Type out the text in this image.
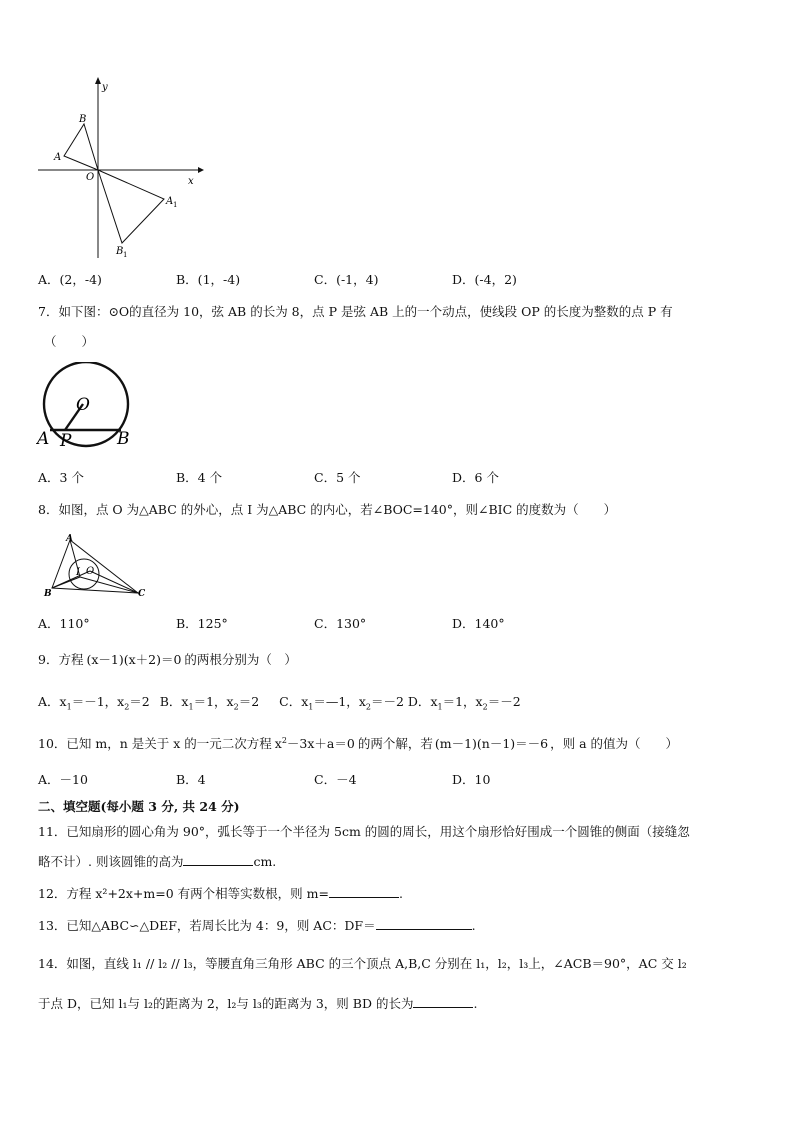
y
x
O
A
B
A 1
B 1
A．(2，-4)	B．(1，-4)	C．(-1，4)	D．(-4，2)
7．如下图：⊙O的直径为 10，弦 AB 的长为 8，点 P 是弦 AB 上的一个动点，使线段 OP 的长度为整数的点 P 有
（　　）
O
A P	B
A．3 个	B．4 个	C．5 个	D．6 个
8．如图，点 O 为△ABC 的外心，点 I 为△ABC 的内心，若∠BOC=140°，则∠BIC 的度数为（　　）
A
B	C
I O
A．110°	B．125°	C．130°	D．140°
9．方程 (x－1)(x＋2)＝0 的两根分别为（　）
A．$x_1=-1$，$x_2=2$ B．$x_1=1$，$x_2=2$ C．$x_1=—1$，$x_2=-2$ D．$x_1=1$，$x_2=-2$
10．已知 m，n 是关于 x 的一元二次方程 $x^2-3x+a=0$ 的两个解，若 (m－1)(n－1)＝－6 ，则 a 的值为（　　）
A．－10	B．4	C．－4	D．10
二、填空题(每小题 3 分, 共 24 分)
11．已知扇形的圆心角为 90°，弧长等于一个半径为 5cm 的圆的周长，用这个扇形恰好围成一个圆锥的侧面（接缝忽
略不计）. 则该圆锥的高为	cm.
12．方程 x²+2x+m=0 有两个相等实数根，则 m=	.
13．已知△ABC∽△DEF，若周长比为 4：9，则 AC：DF＝	.
14．如图，直线 l₁ // l₂ // l₃，等腰直角三角形 ABC 的三个顶点 A,B,C 分别在 l₁，l₂，l₃上，∠ACB＝90°，AC 交 l₂
于点 D，已知 l₁与 l₂的距离为 2，l₂与 l₃的距离为 3，则 BD 的长为	.
